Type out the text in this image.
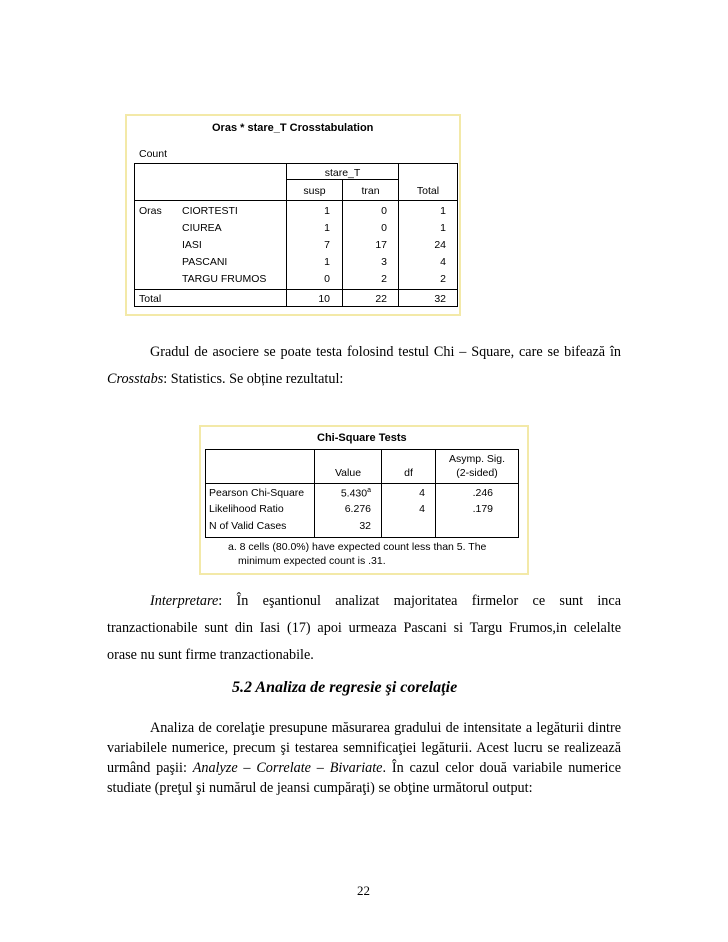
Oras * stare_T Crosstabulation
Count
stare_T
susp	tran	Total
Oras CIORTESTI	1	0	1
CIUREA	1	0	1
IASI	7	17	24
PASCANI	1	3	4
TARGU FRUMOS	0	2	2
Total	10	22	32

Gradul de asociere se poate testa folosind testul Chi – Square, care se bifează în
Crosstabs: Statistics. Se obține rezultatul:

Chi-Square Tests
Value	df
Asymp. Sig.
(2-sided)
Pearson Chi-Square	5.430$^a$	4	.246
Likelihood Ratio	6.276	4	.179
N of Valid Cases	32
a. 8 cells (80.0%) have expected count less than 5. The
minimum expected count is .31.

Interpretare: În eşantionul analizat majoritatea firmelor ce sunt inca
tranzactionabile sunt din Iasi (17) apoi urmeaza Pascani si Targu Frumos,in celelalte
orase nu sunt firme tranzactionabile.

5.2 Analiza de regresie şi corelaţie

Analiza de corelaţie presupune măsurarea gradului de intensitate a legăturii dintre
variabilele numerice, precum şi testarea semnificaţiei legăturii. Acest lucru se realizează
urmând paşii: Analyze – Correlate – Bivariate. În cazul celor două variabile numerice
studiate (preţul şi numărul de jeansi cumpăraţi) se obţine următorul output:

22
